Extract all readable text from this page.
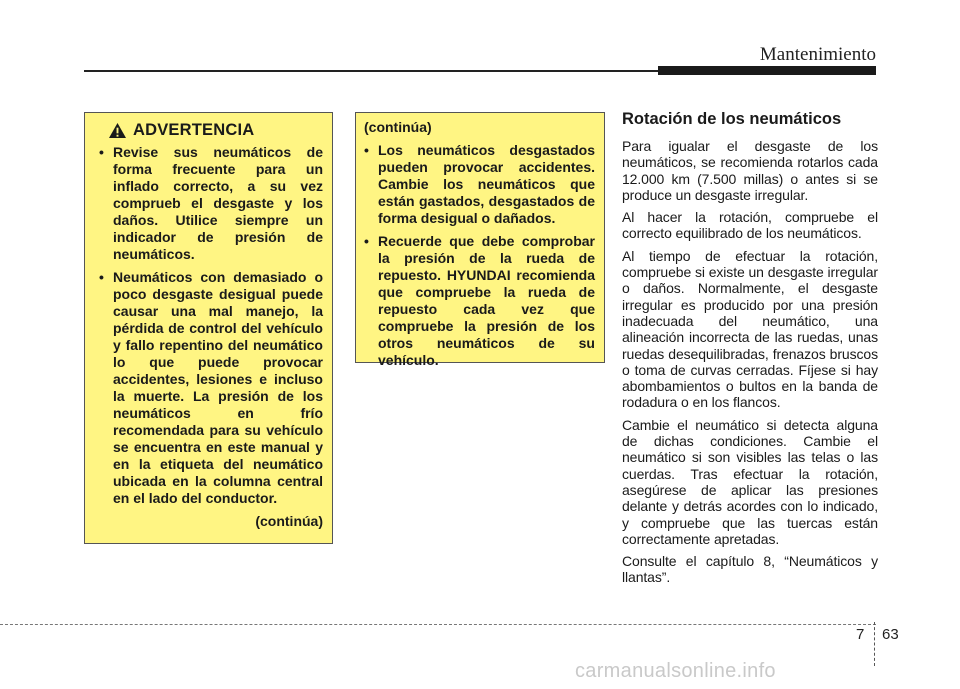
Mantenimiento
ADVERTENCIA
• Revise sus neumáticos de forma frecuente para un inflado correcto, a su vez comprueb el desgaste y los daños. Utilice siempre un indicador de presión de neumáticos.
• Neumáticos con demasiado o poco desgaste desigual puede causar una mal manejo, la pérdida de control del vehículo y fallo repentino del neumático lo que puede provocar accidentes, lesiones e incluso la muerte. La presión de los neumáticos en frío recomendada para su vehículo se encuentra en este manual y en la etiqueta del neumático ubicada en la columna central en el lado del conductor.
(continúa)
(continúa)
• Los neumáticos desgastados pueden provocar accidentes. Cambie los neumáticos que están gastados, desgastados de forma desigual o dañados.
• Recuerde que debe comprobar la presión de la rueda de repuesto. HYUNDAI recomienda que compruebe la rueda de repuesto cada vez que compruebe la presión de los otros neumáticos de su vehículo.
Rotación de los neumáticos

Para igualar el desgaste de los neumáticos, se recomienda rotarlos cada 12.000 km (7.500 millas) o antes si se produce un desgaste irregular.

Al hacer la rotación, compruebe el correcto equilibrado de los neumáticos.

Al tiempo de efectuar la rotación, compruebe si existe un desgaste irregular o daños. Normalmente, el desgaste irregular es producido por una presión inadecuada del neumático, una alineación incorrecta de las ruedas, unas ruedas desequilibradas, frenazos bruscos o toma de curvas cerradas. Fíjese si hay abombamientos o bultos en la banda de rodadura o en los flancos.

Cambie el neumático si detecta alguna de dichas condiciones. Cambie el neumático si son visibles las telas o las cuerdas. Tras efectuar la rotación, asegúrese de aplicar las presiones delante y detrás acordes con lo indicado, y compruebe que las tuercas están correctamente apretadas.

Consulte el capítulo 8, “Neumáticos y llantas”.

7 63
carmanualsonline.info
